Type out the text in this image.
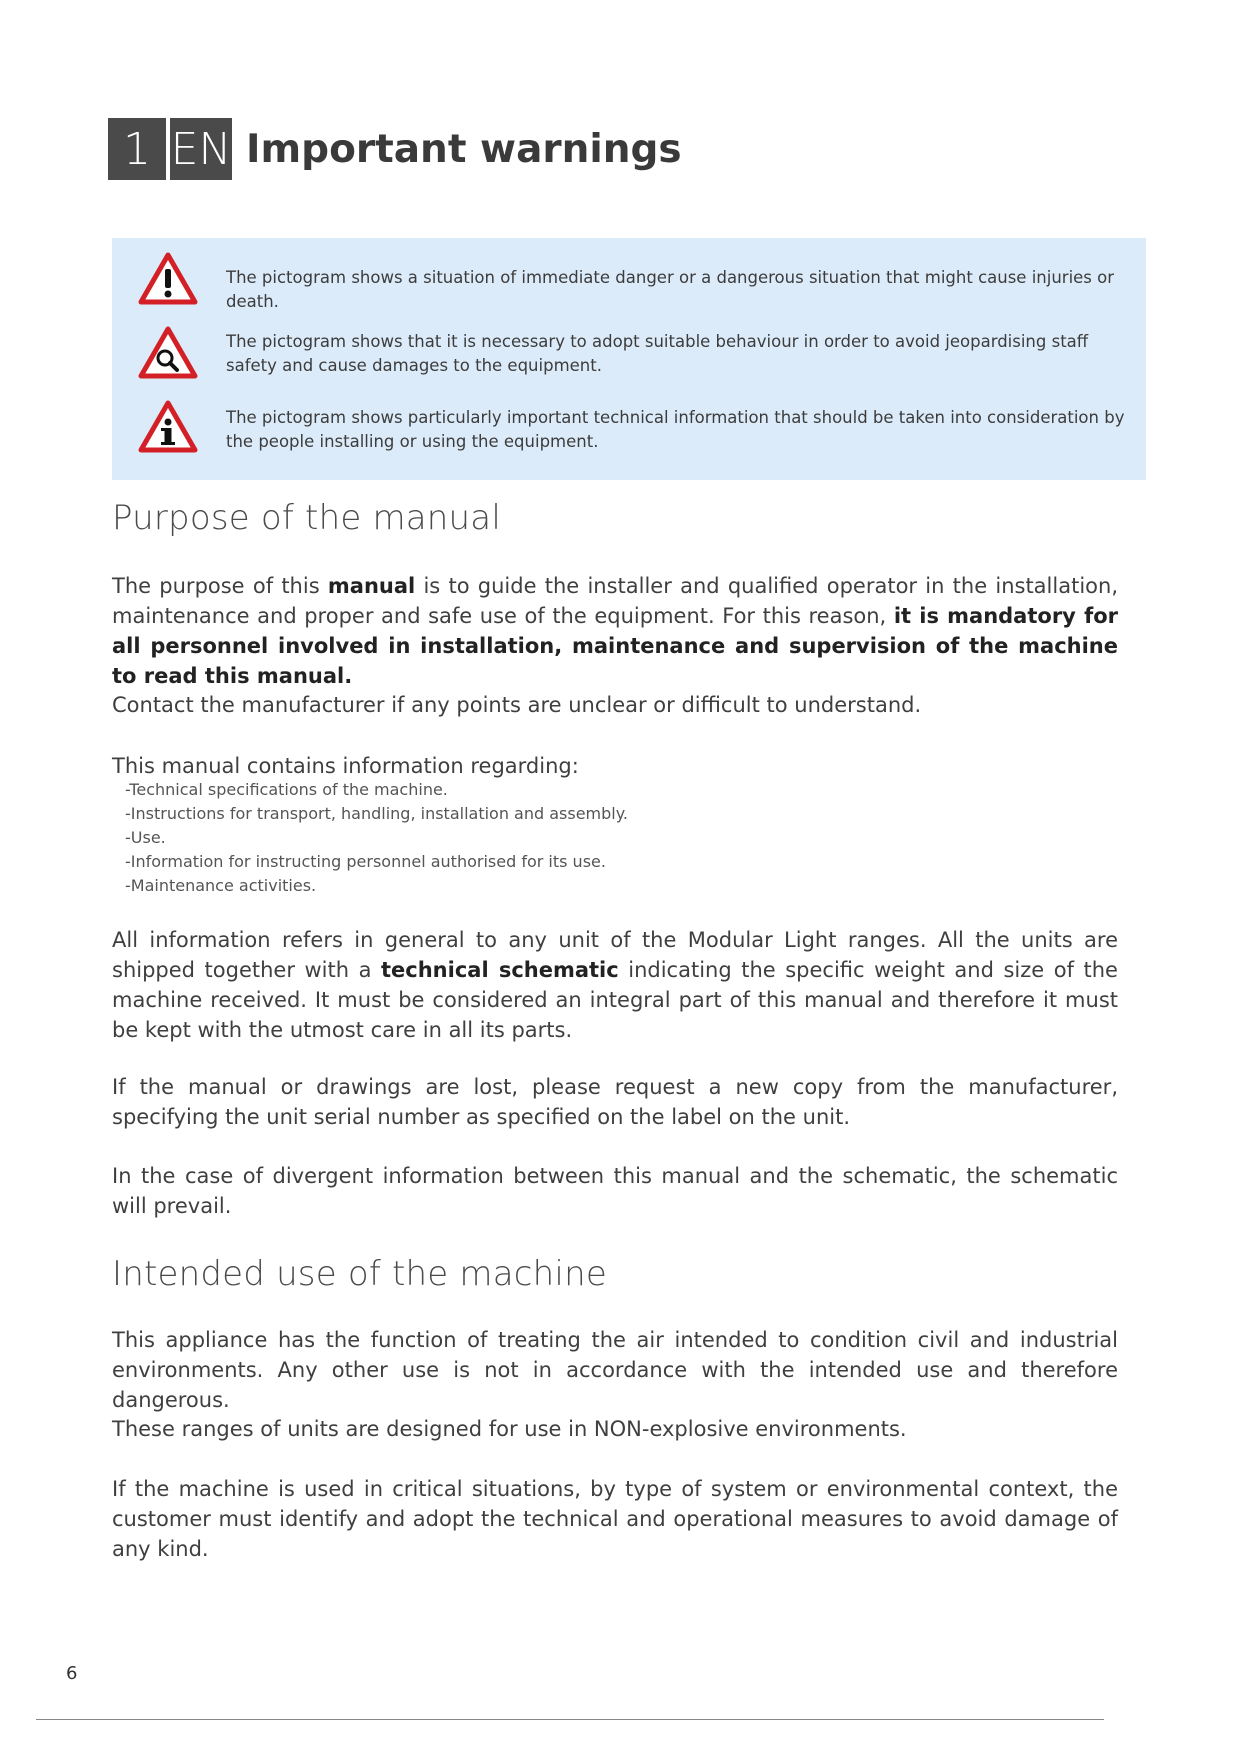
1 EN Important warnings
The pictogram shows a situation of immediate danger or a dangerous situation that might cause injuries or death.
The pictogram shows that it is necessary to adopt suitable behaviour in order to avoid jeopardising staff safety and cause damages to the equipment.
The pictogram shows particularly important technical information that should be taken into consideration by the people installing or using the equipment.
Purpose of the manual
The purpose of this manual is to guide the installer and qualified operator in the installation, maintenance and proper and safe use of the equipment. For this reason, it is mandatory for all personnel involved in installation, maintenance and supervision of the machine to read this manual.
Contact the manufacturer if any points are unclear or difficult to understand.
This manual contains information regarding:
-Technical specifications of the machine.
-Instructions for transport, handling, installation and assembly.
-Use.
-Information for instructing personnel authorised for its use.
-Maintenance activities.
All information refers in general to any unit of the Modular Light ranges. All the units are shipped together with a technical schematic indicating the specific weight and size of the machine received. It must be considered an integral part of this manual and therefore it must be kept with the utmost care in all its parts.
If the manual or drawings are lost, please request a new copy from the manufacturer, specifying the unit serial number as specified on the label on the unit.
In the case of divergent information between this manual and the schematic, the schematic will prevail.
Intended use of the machine
This appliance has the function of treating the air intended to condition civil and industrial environments. Any other use is not in accordance with the intended use and therefore dangerous.
These ranges of units are designed for use in NON-explosive environments.
If the machine is used in critical situations, by type of system or environmental context, the customer must identify and adopt the technical and operational measures to avoid damage of any kind.
6
